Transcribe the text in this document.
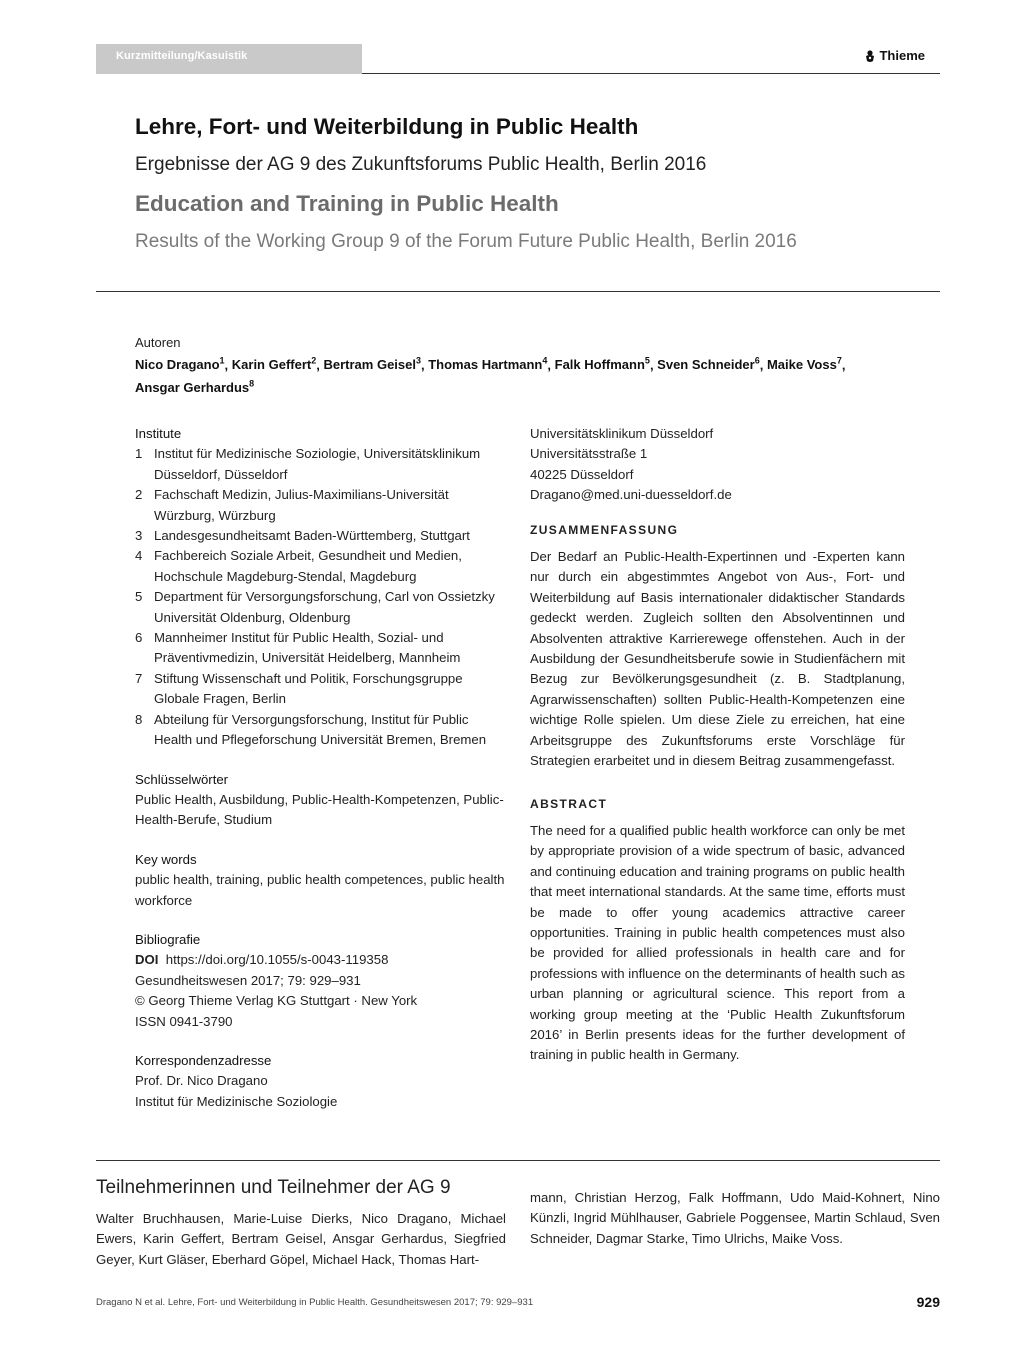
Kurzmitteilung/Kasuistik	Thieme
Lehre, Fort- und Weiterbildung in Public Health
Ergebnisse der AG 9 des Zukunftsforums Public Health, Berlin 2016
Education and Training in Public Health
Results of the Working Group 9 of the Forum Future Public Health, Berlin 2016
Autoren
Nico Dragano$^1$, Karin Geffert$^2$, Bertram Geisel$^3$, Thomas Hartmann$^4$, Falk Hoffmann$^5$, Sven Schneider$^6$, Maike Voss$^7$,
Ansgar Gerhardus$^8$
Institute
1 Institut für Medizinische Soziologie, Universitätsklinikum Düsseldorf, Düsseldorf
2 Fachschaft Medizin, Julius-Maximilians-Universität Würzburg, Würzburg
3 Landesgesundheitsamt Baden-Württemberg, Stuttgart
4 Fachbereich Soziale Arbeit, Gesundheit und Medien, Hochschule Magdeburg-Stendal, Magdeburg
5 Department für Versorgungsforschung, Carl von Ossietzky Universität Oldenburg, Oldenburg
6 Mannheimer Institut für Public Health, Sozial- und Präventivmedizin, Universität Heidelberg, Mannheim
7 Stiftung Wissenschaft und Politik, Forschungsgruppe Globale Fragen, Berlin
8 Abteilung für Versorgungsforschung, Institut für Public Health und Pflegeforschung Universität Bremen, Bremen
Schlüsselwörter
Public Health, Ausbildung, Public-Health-Kompetenzen, Public-Health-Berufe, Studium
Key words
public health, training, public health competences, public health workforce
Bibliografie
DOI https://doi.org/10.1055/s-0043-119358
Gesundheitswesen 2017; 79: 929–931
© Georg Thieme Verlag KG Stuttgart · New York
ISSN 0941-3790
Korrespondenzadresse
Prof. Dr. Nico Dragano
Institut für Medizinische Soziologie
Universitätsklinikum Düsseldorf
Universitätsstraße 1
40225 Düsseldorf
Dragano@med.uni-duesseldorf.de
ZUSAMMENFASSUNG
Der Bedarf an Public-Health-Expertinnen und -Experten kann nur durch ein abgestimmtes Angebot von Aus-, Fort- und Weiterbildung auf Basis internationaler didaktischer Standards gedeckt werden. Zugleich sollten den Absolventinnen und Absolventen attraktive Karrierewege offenstehen. Auch in der Ausbildung der Gesundheitsberufe sowie in Studienfächern mit Bezug zur Bevölkerungsgesundheit (z. B. Stadtplanung, Agrarwissenschaften) sollten Public-Health-Kompetenzen eine wichtige Rolle spielen. Um diese Ziele zu erreichen, hat eine Arbeitsgruppe des Zukunftsforums erste Vorschläge für Strategien erarbeitet und in diesem Beitrag zusammengefasst.
ABSTRACT
The need for a qualified public health workforce can only be met by appropriate provision of a wide spectrum of basic, advanced and continuing education and training programs on public health that meet international standards. At the same time, efforts must be made to offer young academics attractive career opportunities. Training in public health competences must also be provided for allied professionals in health care and for professions with influence on the determinants of health such as urban planning or agricultural science. This report from a working group meeting at the ‘Public Health Zukunftsforum 2016’ in Berlin presents ideas for the further development of training in public health in Germany.
Teilnehmerinnen und Teilnehmer der AG 9
Walter Bruchhausen, Marie-Luise Dierks, Nico Dragano, Michael Ewers, Karin Geffert, Bertram Geisel, Ansgar Gerhardus, Siegfried Geyer, Kurt Gläser, Eberhard Göpel, Michael Hack, Thomas Hart-
mann, Christian Herzog, Falk Hoffmann, Udo Maid-Kohnert, Nino Künzli, Ingrid Mühlhauser, Gabriele Poggensee, Martin Schlaud, Sven Schneider, Dagmar Starke, Timo Ulrichs, Maike Voss.
Dragano N et al. Lehre, Fort- und Weiterbildung in Public Health. Gesundheitswesen 2017; 79: 929–931	929
